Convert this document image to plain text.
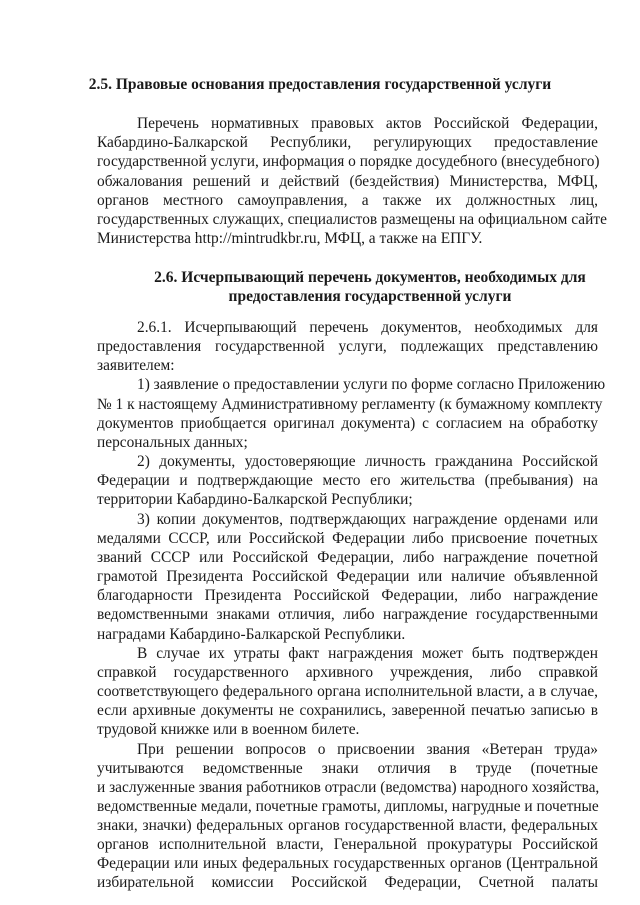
2.5. Правовые основания предоставления государственной услуги
Перечень нормативных правовых актов Российской Федерации,
Кабардино-Балкарской Республики, регулирующих предоставление
государственной услуги, информация о порядке досудебного (внесудебного)
обжалования решений и действий (бездействия) Министерства, МФЦ,
органов местного самоуправления, а также их должностных лиц,
государственных служащих, специалистов размещены на официальном сайте
Министерства http://mintrudkbr.ru, МФЦ, а также на ЕПГУ.
2.6. Исчерпывающий перечень документов, необходимых для
предоставления государственной услуги
2.6.1. Исчерпывающий перечень документов, необходимых для
предоставления государственной услуги, подлежащих представлению
заявителем:
1) заявление о предоставлении услуги по форме согласно Приложению
№ 1 к настоящему Административному регламенту (к бумажному комплекту
документов приобщается оригинал документа) с согласием на обработку
персональных данных;
2) документы, удостоверяющие личность гражданина Российской
Федерации и подтверждающие место его жительства (пребывания) на
территории Кабардино-Балкарской Республики;
3) копии документов, подтверждающих награждение орденами или
медалями СССР, или Российской Федерации либо присвоение почетных
званий СССР или Российской Федерации, либо награждение почетной
грамотой Президента Российской Федерации или наличие объявленной
благодарности Президента Российской Федерации, либо награждение
ведомственными знаками отличия, либо награждение государственными
наградами Кабардино-Балкарской Республики.
В случае их утраты факт награждения может быть подтвержден
справкой государственного архивного учреждения, либо справкой
соответствующего федерального органа исполнительной власти, а в случае,
если архивные документы не сохранились, заверенной печатью записью в
трудовой книжке или в военном билете.
При решении вопросов о присвоении звания «Ветеран труда»
учитываются ведомственные знаки отличия в труде (почетные
и заслуженные звания работников отрасли (ведомства) народного хозяйства,
ведомственные медали, почетные грамоты, дипломы, нагрудные и почетные
знаки, значки) федеральных органов государственной власти, федеральных
органов исполнительной власти, Генеральной прокуратуры Российской
Федерации или иных федеральных государственных органов (Центральной
избирательной комиссии Российской Федерации, Счетной палаты
